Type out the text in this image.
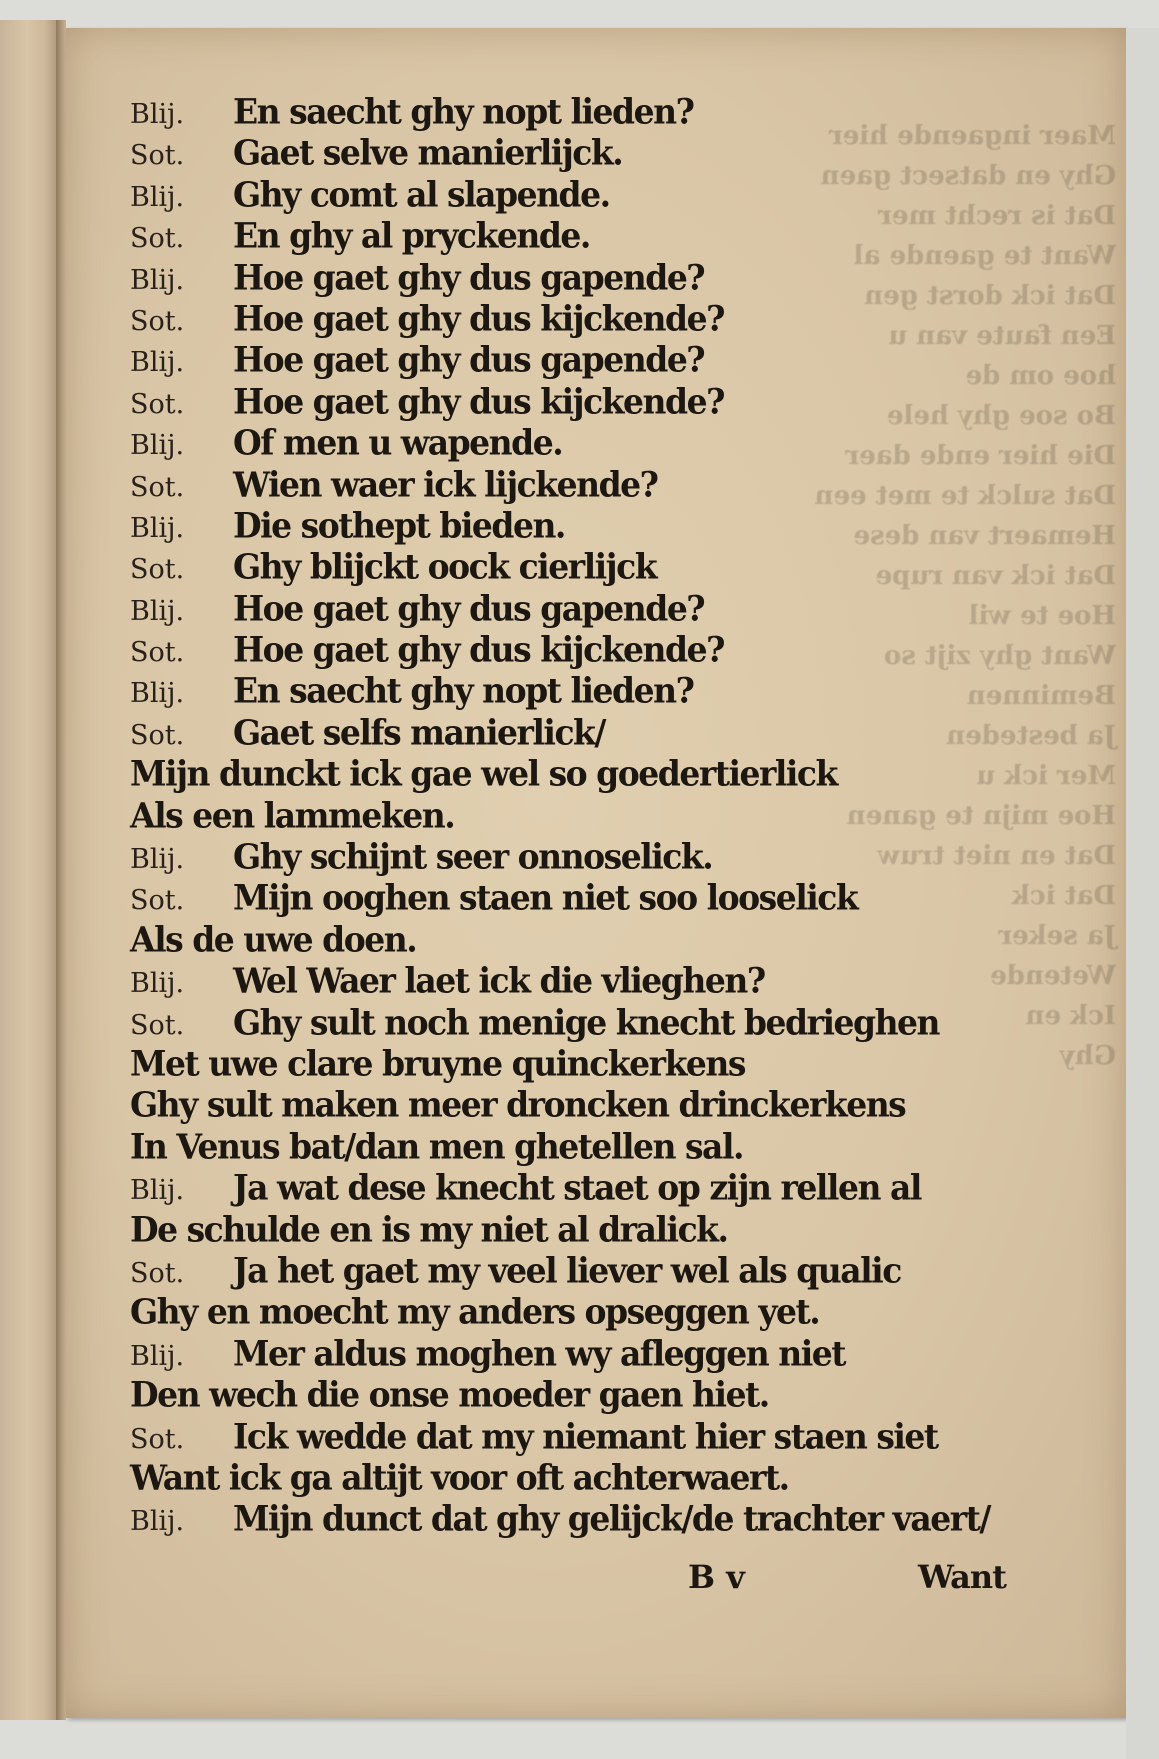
Maer ingaende hier
Ghy en datsect gaen
Dat is recht mer
Want te gaende al
Dat ick dorst gen
Een faute van u
hoe om de
Bo soe ghy hele
Die hier ende daer
Dat sulck te met een
Hemaert van dese
Dat ick van rupe
Hoe te wil
Want ghy zijt so
Beminnen
Ja besteden
Mer ick u
Hoe mijn te ganen
Dat en niet truw
Dat ick
Ja seker
Wetende
Ick en
Ghy
Blij.	En saecht ghy nopt lieden?
Sot.	Gaet selve manierlijck.
Blij.	Ghy comt al slapende.
Sot.	En ghy al pryckende.
Blij.	Hoe gaet ghy dus gapende?
Sot.	Hoe gaet ghy dus kijckende?
Blij.	Hoe gaet ghy dus gapende?
Sot.	Hoe gaet ghy dus kijckende?
Blij.	Of men u wapende.
Sot.	Wien waer ick lijckende?
Blij.	Die sothept bieden.
Sot.	Ghy blijckt oock cierlijck
Blij.	Hoe gaet ghy dus gapende?
Sot.	Hoe gaet ghy dus kijckende?
Blij.	En saecht ghy nopt lieden?
Sot.	Gaet selfs manierlick/
Mijn dunckt ick gae wel so goedertierlick
Als een lammeken.
Blij.	Ghy schijnt seer onnoselick.
Sot.	Mijn ooghen staen niet soo looselick
Als de uwe doen.
Blij.	Wel Waer laet ick die vlieghen?
Sot.	Ghy sult noch menige knecht bedrieghen
Met uwe clare bruyne quinckerkens
Ghy sult maken meer droncken drinckerkens
In Venus bat/dan men ghetellen sal.
Blij.	Ja wat dese knecht staet op zijn rellen al
De schulde en is my niet al dralick.
Sot.	Ja het gaet my veel liever wel als qualic
Ghy en moecht my anders opseggen yet.
Blij.	Mer aldus moghen wy afleggen niet
Den wech die onse moeder gaen hiet.
Sot.	Ick wedde dat my niemant hier staen siet
Want ick ga altijt voor oft achterwaert.
Blij.	Mijn dunct dat ghy gelijck/de trachter vaert/
B v	Want
